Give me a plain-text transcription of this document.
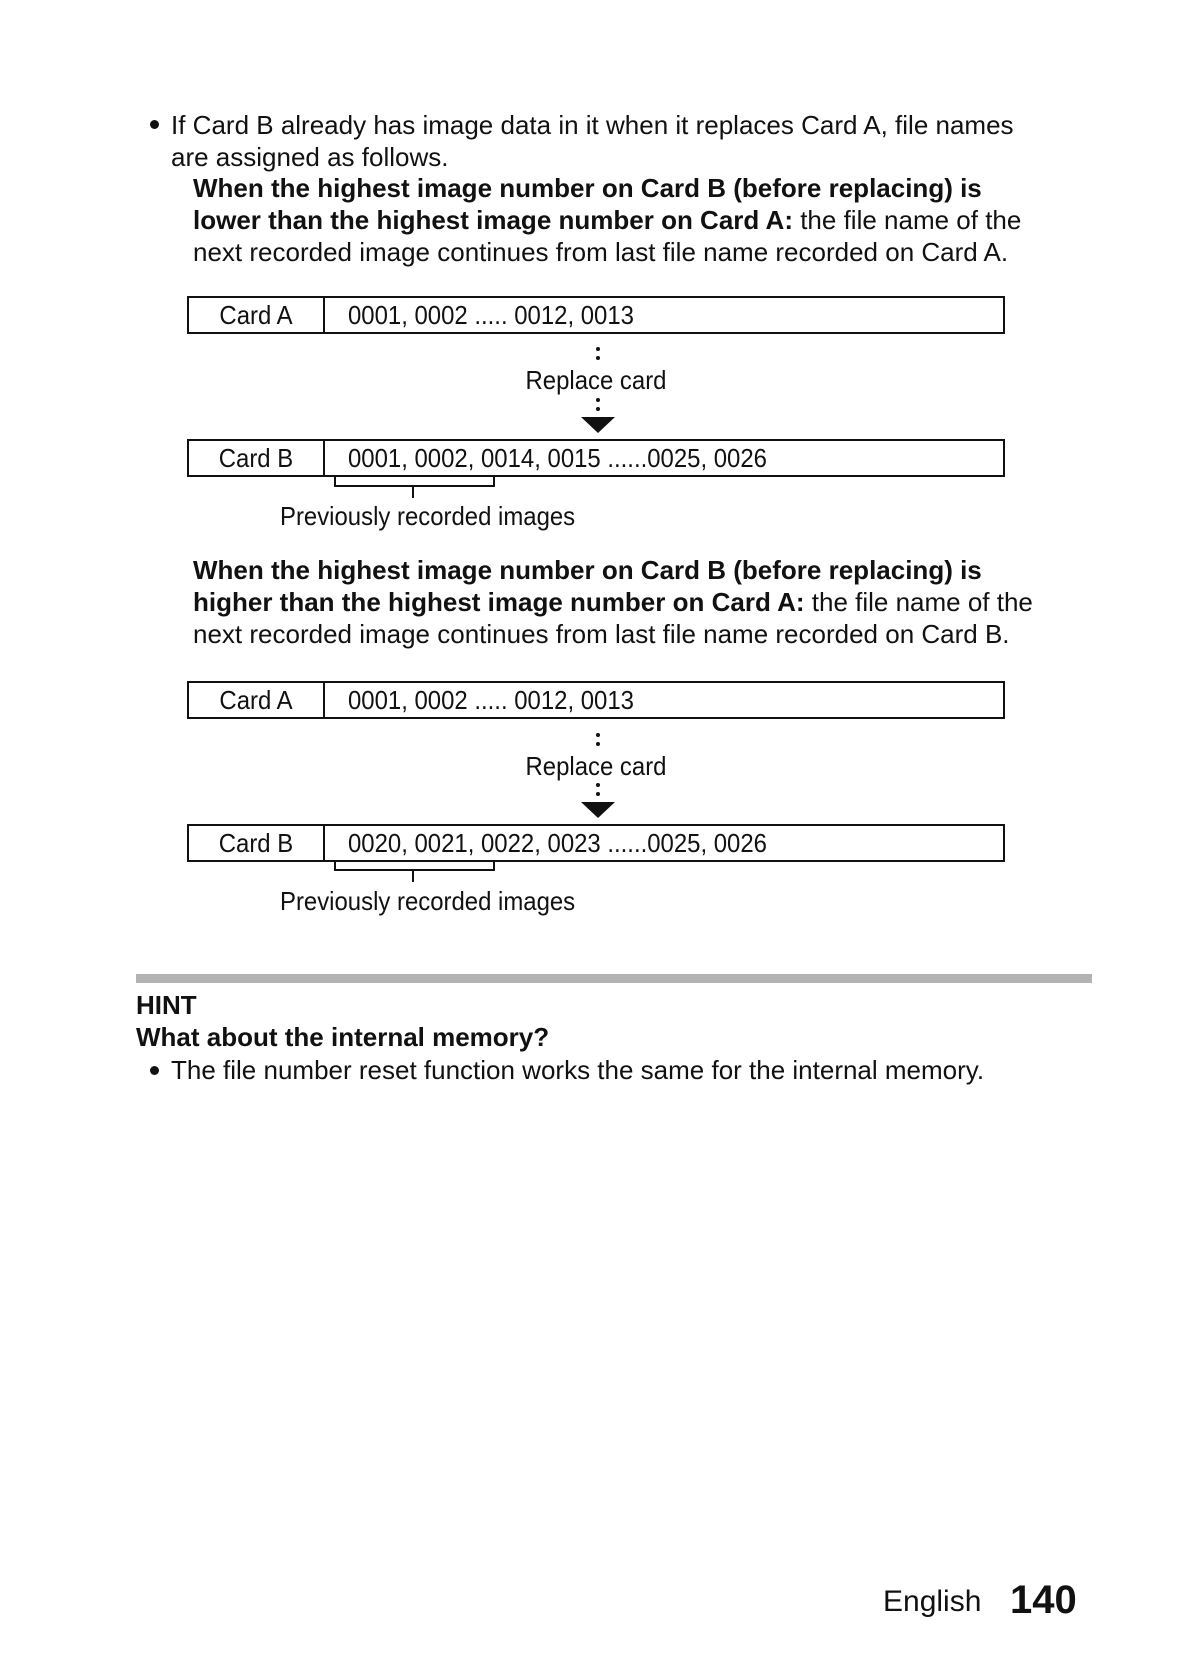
If Card B already has image data in it when it replaces Card A, file names
are assigned as follows.
When the highest image number on Card B (before replacing) is
lower than the highest image number on Card A: the file name of the
next recorded image continues from last file name recorded on Card A.
Card A	0001, 0002 ..... 0012, 0013
Replace card
Card B	0001, 0002, 0014, 0015 ......0025, 0026
Previously recorded images
When the highest image number on Card B (before replacing) is
higher than the highest image number on Card A: the file name of the
next recorded image continues from last file name recorded on Card B.
Card A	0001, 0002 ..... 0012, 0013
Replace card
Card B	0020, 0021, 0022, 0023 ......0025, 0026
Previously recorded images
HINT
What about the internal memory?
The file number reset function works the same for the internal memory.
English 140
